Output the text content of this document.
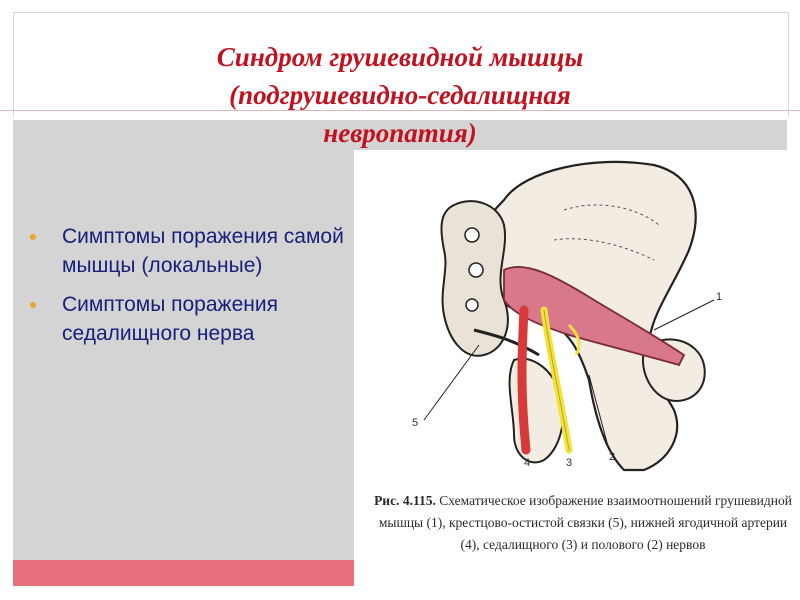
Синдром грушевидной мышцы
(подгрушевидно-седалищная
невропатия)
Симптомы поражения самой мышцы (локальные)
Симптомы поражения седалищного нерва
1
2
3
4
5
Рис. 4.115. Схематическое изображение взаимоотношений грушевидной мышцы (1), крестцово-остистой связки (5), нижней ягодичной артерии (4), седалищного (3) и полового (2) нервов
